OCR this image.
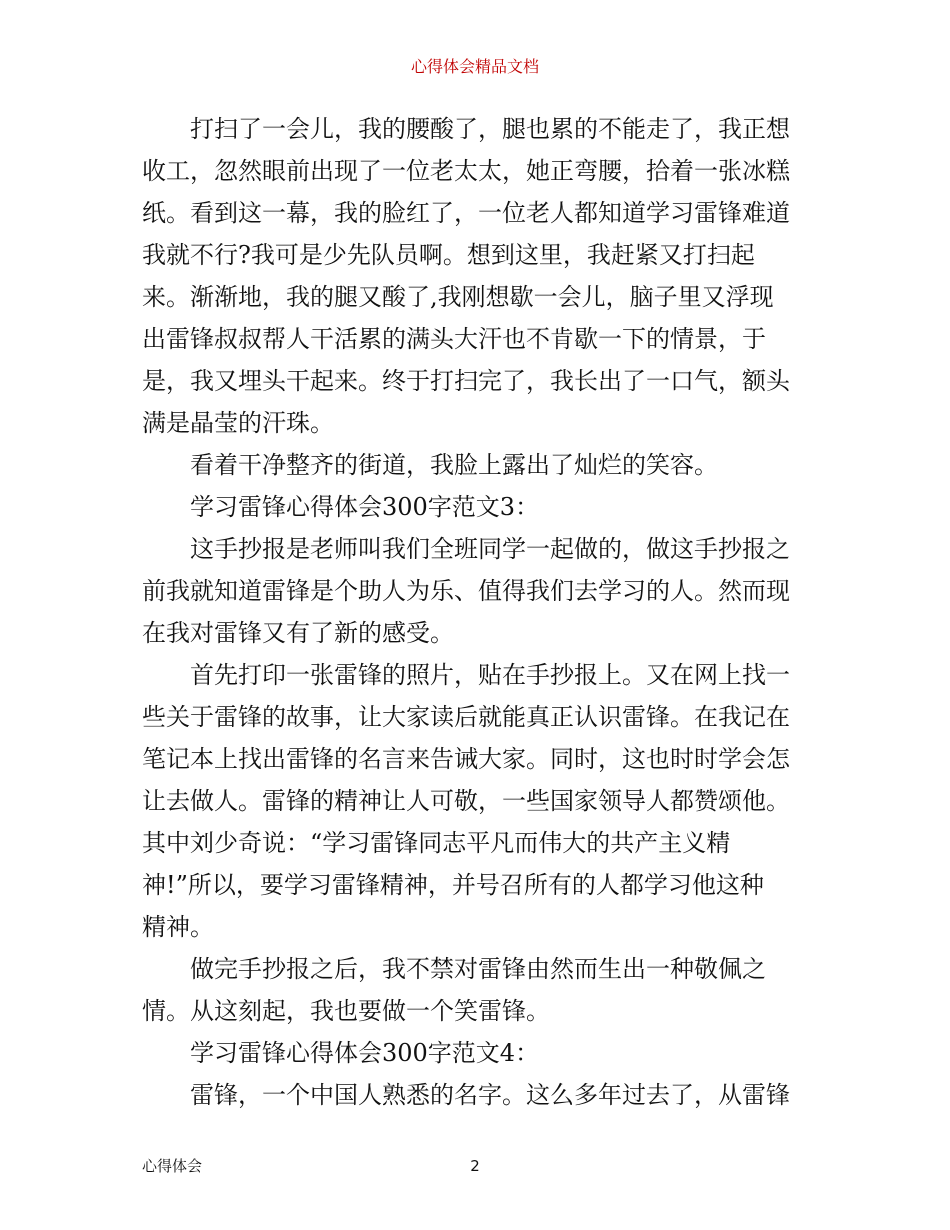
心得体会精品文档
打扫了一会儿，我的腰酸了，腿也累的不能走了，我正想
收工，忽然眼前出现了一位老太太，她正弯腰，拾着一张冰糕
纸。看到这一幕，我的脸红了，一位老人都知道学习雷锋难道
我就不行?我可是少先队员啊。想到这里，我赶紧又打扫起
来。渐渐地，我的腿又酸了,我刚想歇一会儿，脑子里又浮现
出雷锋叔叔帮人干活累的满头大汗也不肯歇一下的情景，于
是，我又埋头干起来。终于打扫完了，我长出了一口气，额头
满是晶莹的汗珠。
看着干净整齐的街道，我脸上露出了灿烂的笑容。
学习雷锋心得体会300字范文3：
这手抄报是老师叫我们全班同学一起做的，做这手抄报之
前我就知道雷锋是个助人为乐、值得我们去学习的人。然而现
在我对雷锋又有了新的感受。
首先打印一张雷锋的照片，贴在手抄报上。又在网上找一
些关于雷锋的故事，让大家读后就能真正认识雷锋。在我记在
笔记本上找出雷锋的名言来告诫大家。同时，这也时时学会怎
让去做人。雷锋的精神让人可敬，一些国家领导人都赞颂他。
其中刘少奇说：“学习雷锋同志平凡而伟大的共产主义精
神!”所以，要学习雷锋精神，并号召所有的人都学习他这种
精神。
做完手抄报之后，我不禁对雷锋由然而生出一种敬佩之
情。从这刻起，我也要做一个笑雷锋。
学习雷锋心得体会300字范文4：
雷锋，一个中国人熟悉的名字。这么多年过去了，从雷锋
心得体会	2
